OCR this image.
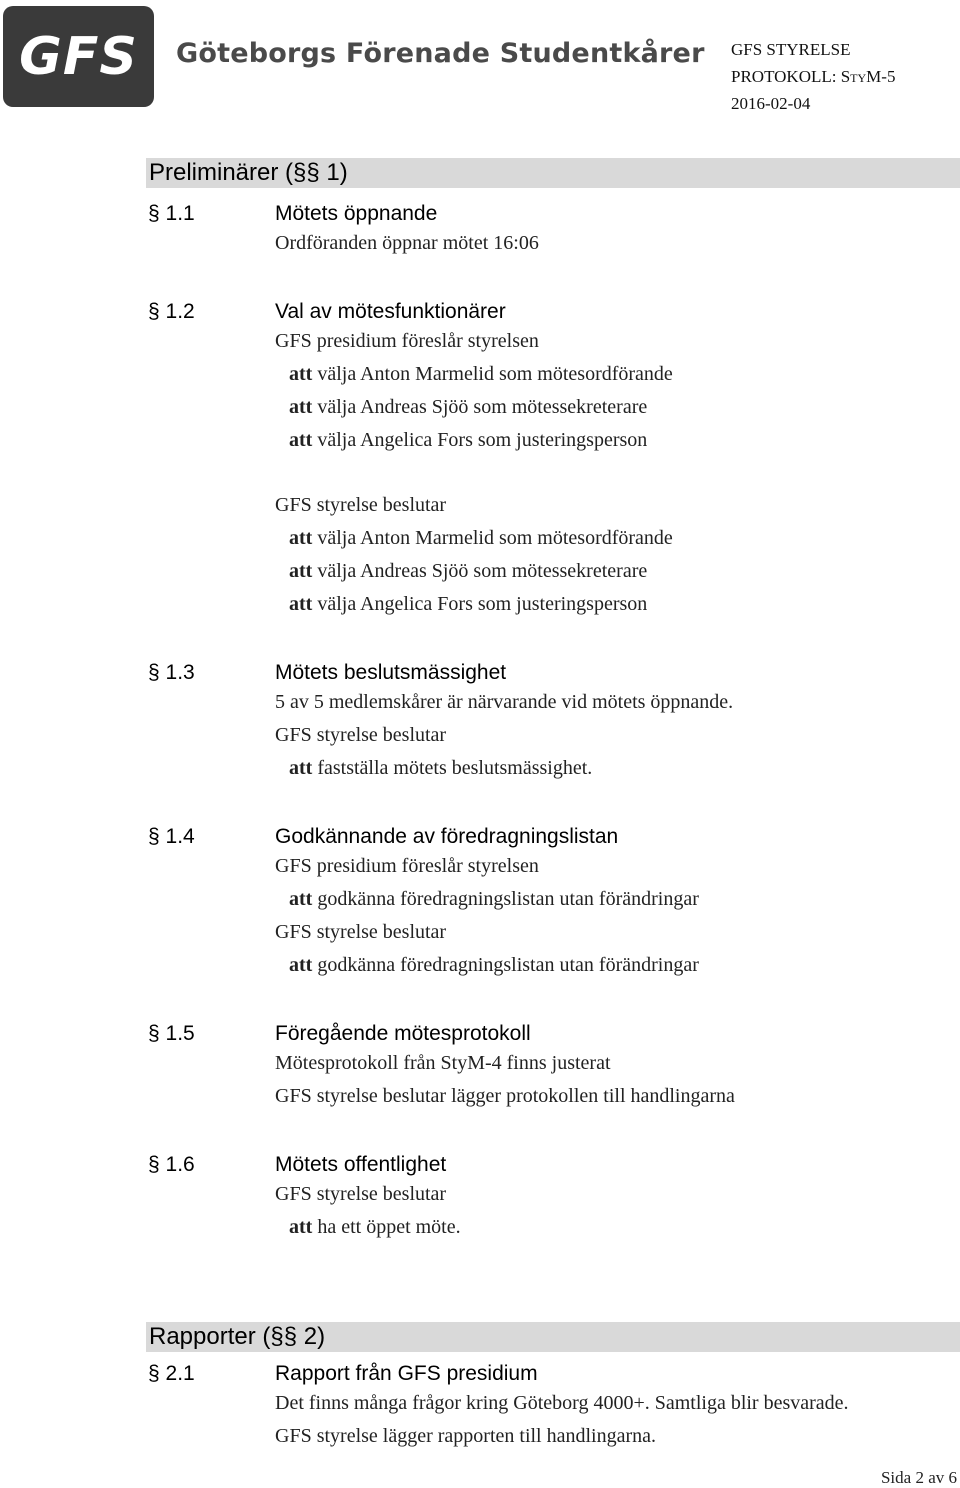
GFS Göteborgs Förenade Studentkårer GFS STYRELSE
PROTOKOLL: StyM-5
2016-02-04
Preliminärer (§§ 1)
§ 1.1	Mötets öppnande
Ordföranden öppnar mötet 16:06
§ 1.2	Val av mötesfunktionärer
GFS presidium föreslår styrelsen
att välja Anton Marmelid som mötesordförande
att välja Andreas Sjöö som mötessekreterare
att välja Angelica Fors som justeringsperson
GFS styrelse beslutar
att välja Anton Marmelid som mötesordförande
att välja Andreas Sjöö som mötessekreterare
att välja Angelica Fors som justeringsperson
§ 1.3	Mötets beslutsmässighet
5 av 5 medlemskårer är närvarande vid mötets öppnande.
GFS styrelse beslutar
att fastställa mötets beslutsmässighet.
§ 1.4	Godkännande av föredragningslistan
GFS presidium föreslår styrelsen
att godkänna föredragningslistan utan förändringar
GFS styrelse beslutar
att godkänna föredragningslistan utan förändringar
§ 1.5	Föregående mötesprotokoll
Mötesprotokoll från StyM-4 finns justerat
GFS styrelse beslutar lägger protokollen till handlingarna
§ 1.6	Mötets offentlighet
GFS styrelse beslutar
att ha ett öppet möte.
Rapporter (§§ 2)
§ 2.1	Rapport från GFS presidium
Det finns många frågor kring Göteborg 4000+. Samtliga blir besvarade.
GFS styrelse lägger rapporten till handlingarna.
Sida 2 av 6
